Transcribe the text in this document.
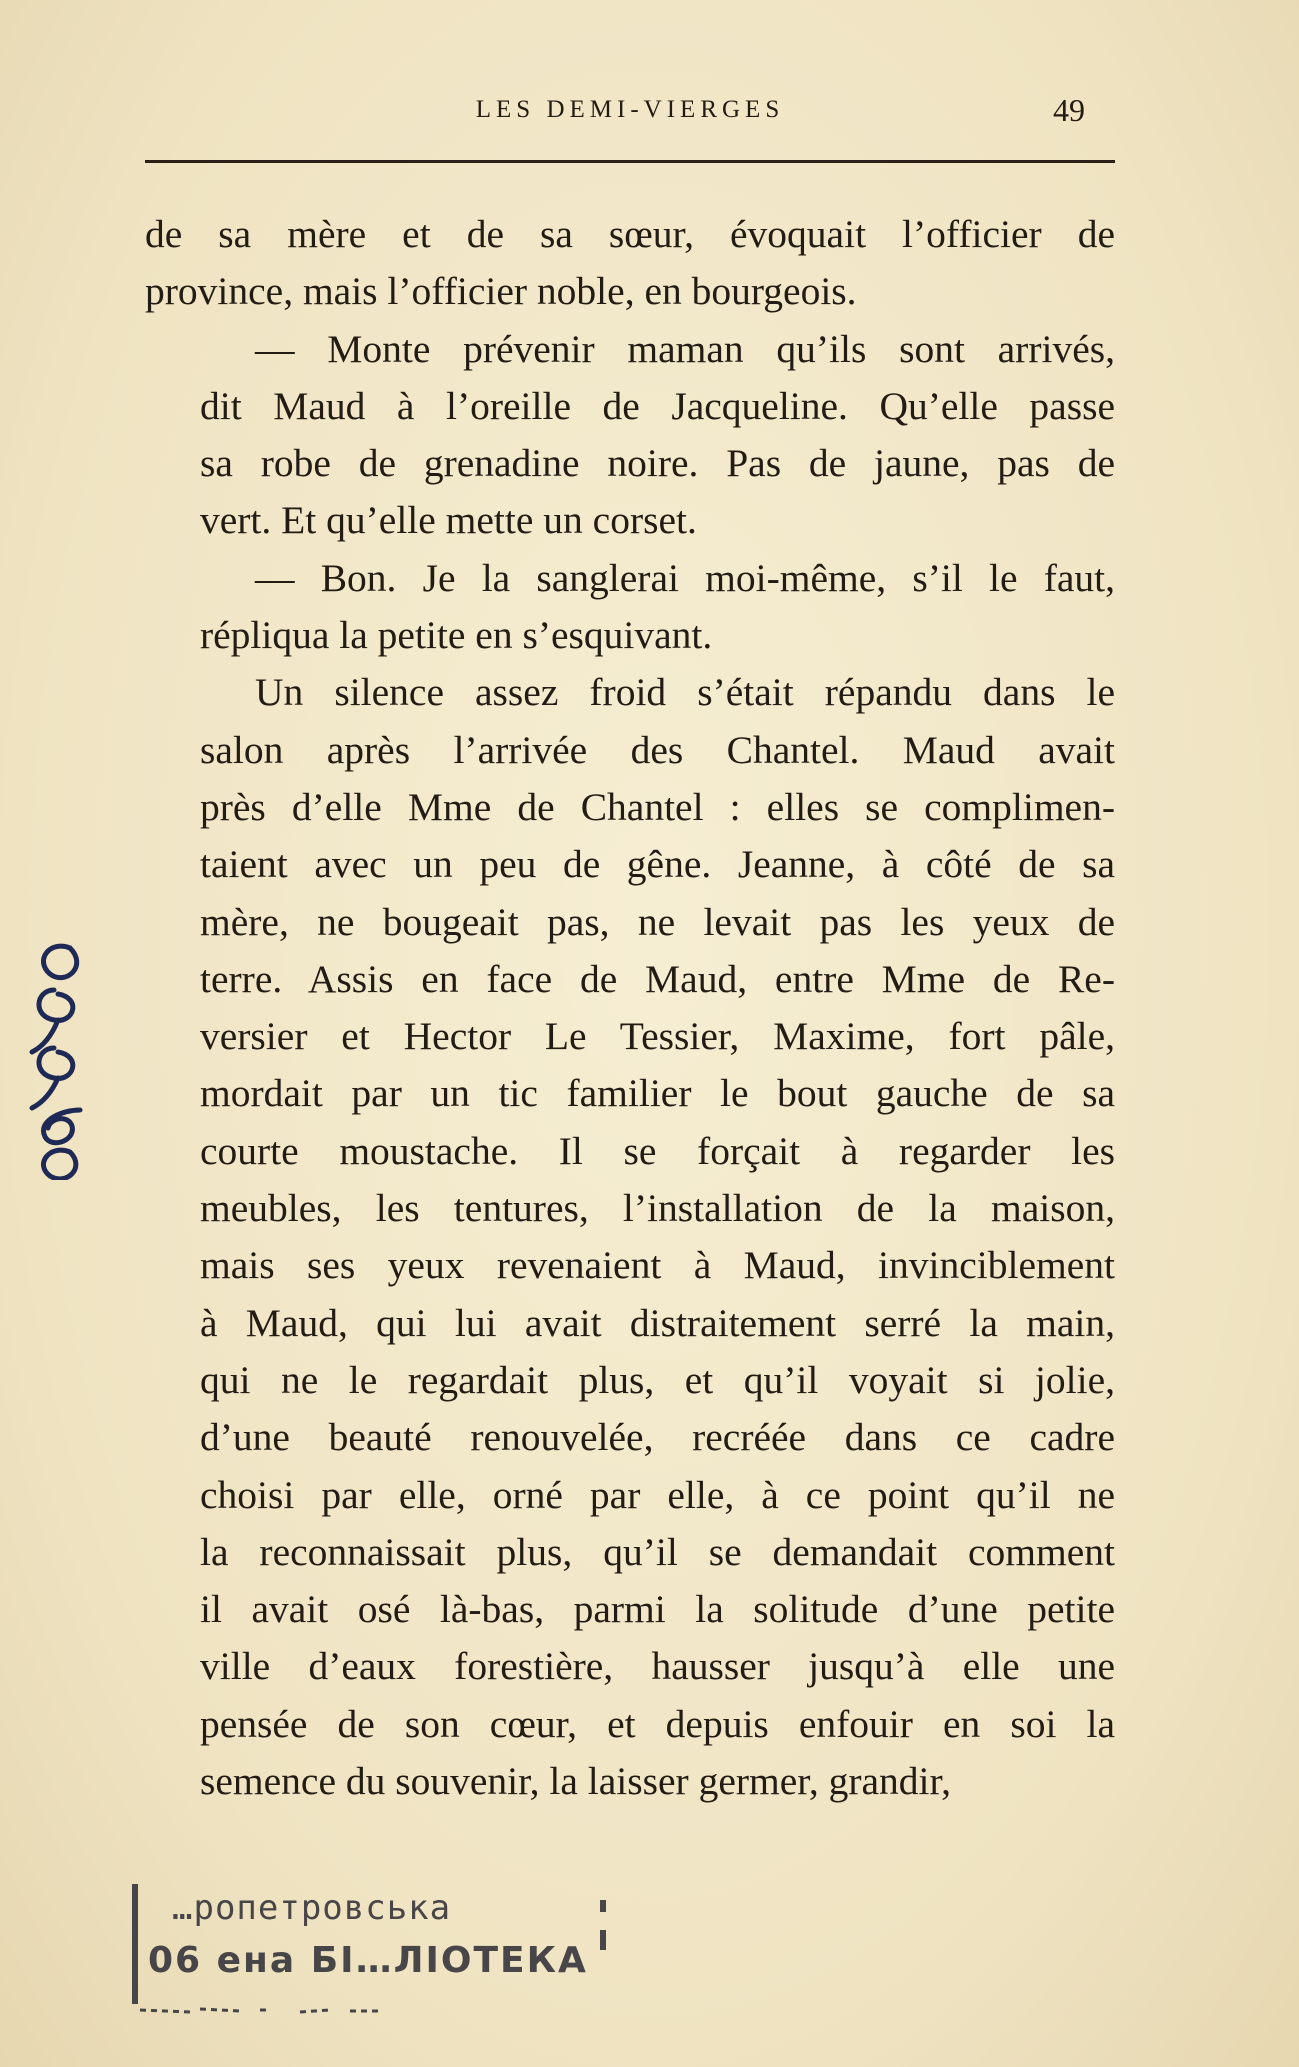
LES DEMI-VIERGES	49
de sa mère et de sa sœur, évoquait l’officier de
province, mais l’officier noble, en bourgeois.
— Monte prévenir maman qu’ils sont arrivés,
dit Maud à l’oreille de Jacqueline. Qu’elle passe
sa robe de grenadine noire. Pas de jaune, pas de
vert. Et qu’elle mette un corset.
— Bon. Je la sanglerai moi-même, s’il le faut,
répliqua la petite en s’esquivant.
Un silence assez froid s’était répandu dans le
salon après l’arrivée des Chantel. Maud avait
près d’elle Mme de Chantel : elles se complimen-
taient avec un peu de gêne. Jeanne, à côté de sa
mère, ne bougeait pas, ne levait pas les yeux de
terre. Assis en face de Maud, entre Mme de Re-
versier et Hector Le Tessier, Maxime, fort pâle,
mordait par un tic familier le bout gauche de sa
courte moustache. Il se forçait à regarder les
meubles, les tentures, l’installation de la maison,
mais ses yeux revenaient à Maud, invinciblement
à Maud, qui lui avait distraitement serré la main,
qui ne le regardait plus, et qu’il voyait si jolie,
d’une beauté renouvelée, recréée dans ce cadre
choisi par elle, orné par elle, à ce point qu’il ne
la reconnaissait plus, qu’il se demandait comment
il avait osé là-bas, parmi la solitude d’une petite
ville d’eaux forestière, hausser jusqu’à elle une
pensée de son cœur, et depuis enfouir en soi la
semence du souvenir, la laisser germer, grandir,
…ропетровська
06 ена БІ…ЛІОТЕКА
